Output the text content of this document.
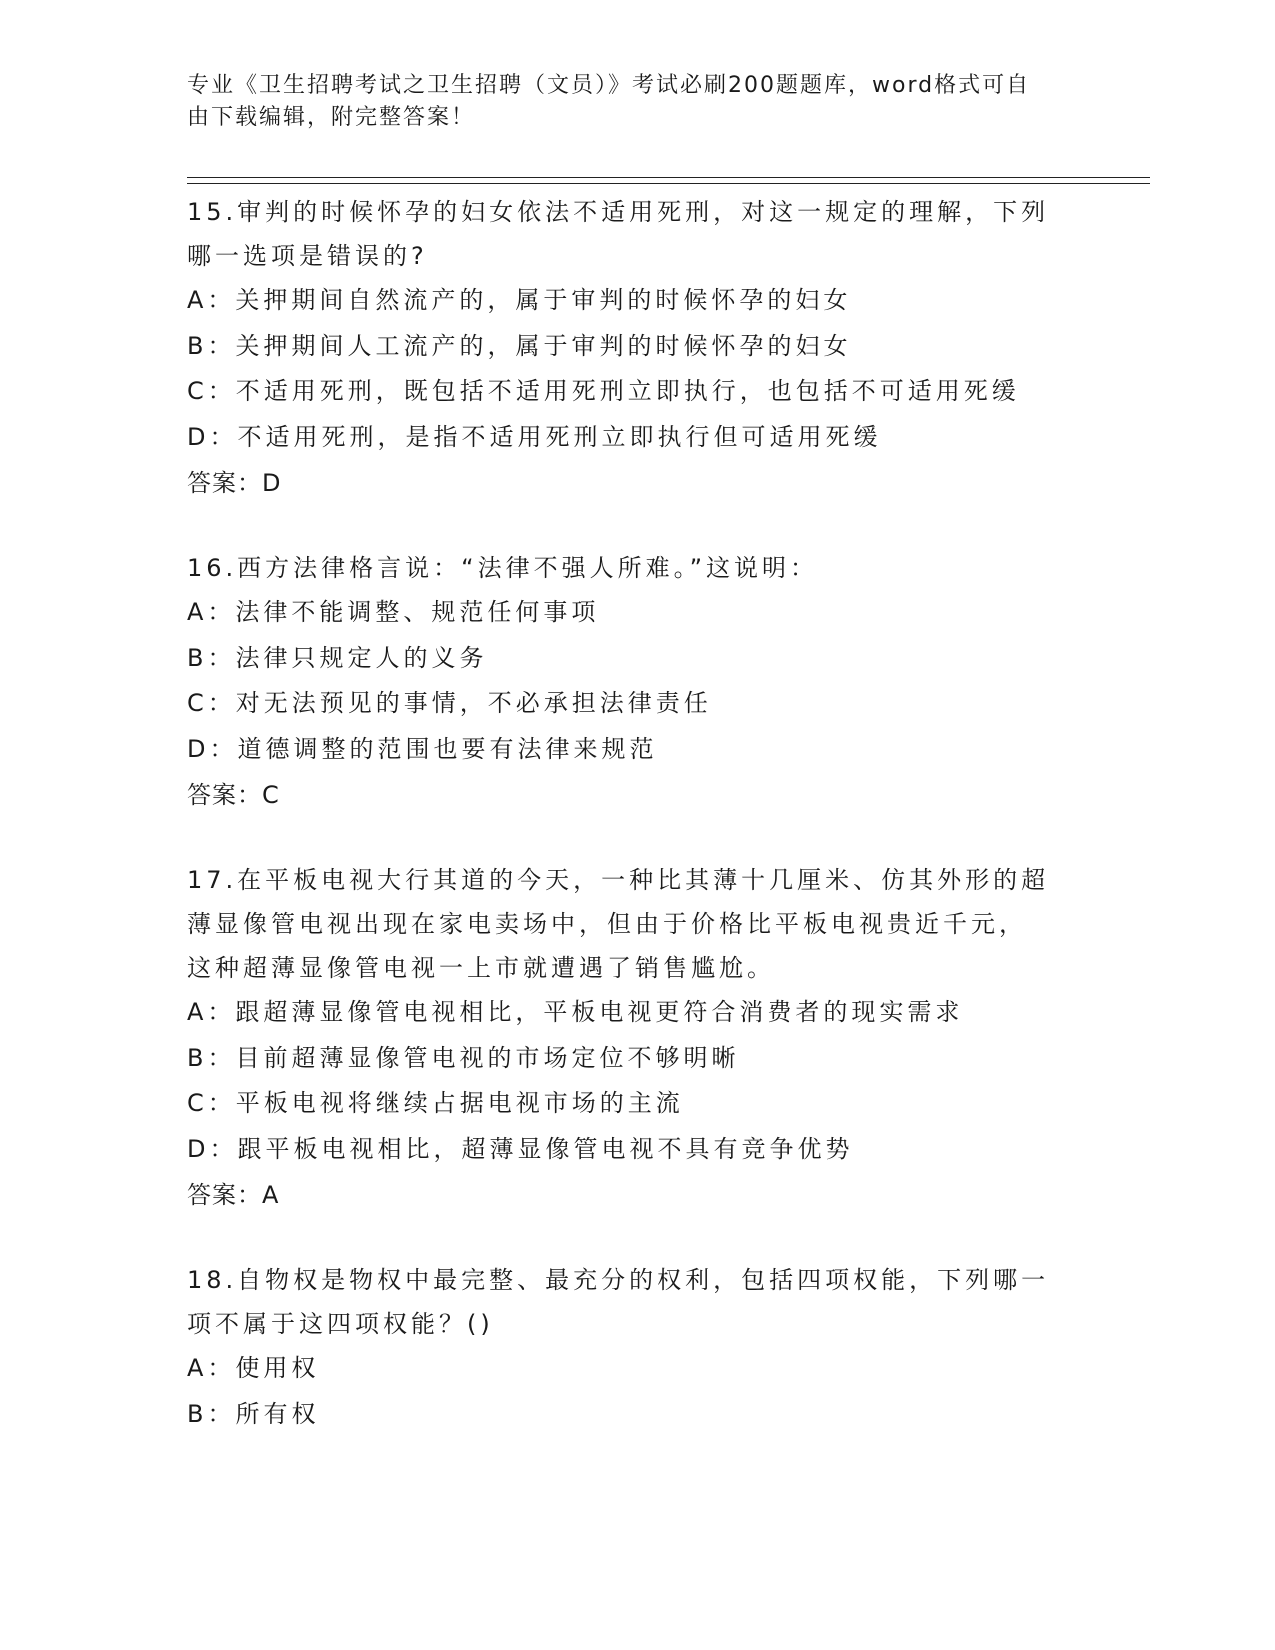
专业《卫生招聘考试之卫生招聘（文员）》考试必刷200题题库，word格式可自
由下载编辑，附完整答案！
15.审判的时候怀孕的妇女依法不适用死刑，对这一规定的理解，下列
哪一选项是错误的?
A：关押期间自然流产的，属于审判的时候怀孕的妇女
B：关押期间人工流产的，属于审判的时候怀孕的妇女
C：不适用死刑，既包括不适用死刑立即执行，也包括不可适用死缓
D：不适用死刑，是指不适用死刑立即执行但可适用死缓
答案：D
16.西方法律格言说：“法律不强人所难。”这说明：
A：法律不能调整、规范任何事项
B：法律只规定人的义务
C：对无法预见的事情，不必承担法律责任
D：道德调整的范围也要有法律来规范
答案：C
17.在平板电视大行其道的今天，一种比其薄十几厘米、仿其外形的超
薄显像管电视出现在家电卖场中，但由于价格比平板电视贵近千元，
这种超薄显像管电视一上市就遭遇了销售尴尬。
A：跟超薄显像管电视相比，平板电视更符合消费者的现实需求
B：目前超薄显像管电视的市场定位不够明晰
C：平板电视将继续占据电视市场的主流
D：跟平板电视相比，超薄显像管电视不具有竞争优势
答案：A
18.自物权是物权中最完整、最充分的权利，包括四项权能，下列哪一
项不属于这四项权能？()
A：使用权
B：所有权
